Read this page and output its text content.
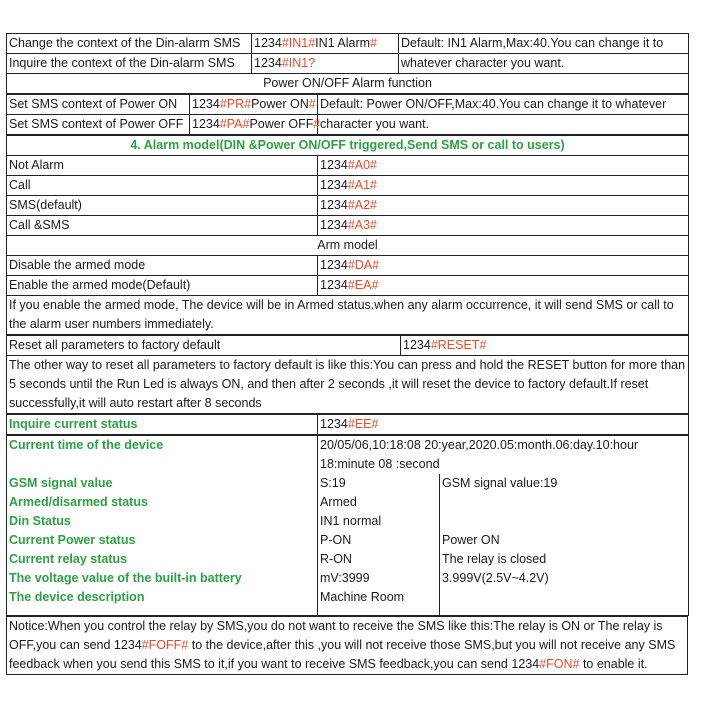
Change the context of the Din-alarm SMS	1234#IN1#IN1 Alarm#	Default: IN1 Alarm,Max:40.You can change it to
Inquire the context of the Din-alarm SMS	1234#IN1?	whatever character you want.
Power ON/OFF Alarm function		
Set SMS context of Power ON	1234#PR#Power ON#	Default: Power ON/OFF,Max:40.You can change it to whatever
Set SMS context of Power OFF	1234#PA#Power OFF#	character you want.
4. Alarm model(DIN &Power ON/OFF triggered,Send SMS or call to users)	
Not Alarm	1234#A0#
Call	1234#A1#
SMS(default)	1234#A2#
Call &SMS	1234#A3#
Arm model	
Disable the armed mode	1234#DA#
Enable the armed mode(Default)	1234#EA#
If you enable the armed mode, The device will be in Armed status.when any alarm occurrence, it will send SMS or call to the alarm user numbers immediately.	
Reset all parameters to factory default	1234#RESET#
The other way to reset all parameters to factory default is like this:You can press and hold the RESET button for more than 5 seconds until the Run Led is always ON, and then after 2 seconds ,it will reset the device to factory default.If reset successfully,it will auto restart after 8 seconds
Inquire current status	1234#EE#
Current time of the device	20/05/06,10:18:08 20:year,2020.05:month.06:day.10:hour	
	18:minute 08 :second	
GSM signal value	S:19	GSM signal value:19
Armed/disarmed status	Armed	
Din Status	IN1 normal	
Current Power status	P-ON	Power ON
Current relay status	R-ON	The relay is closed
The voltage value of the built-in battery	mV:3999	3.999V(2.5V~4.2V)
The device description	Machine Room	

Notice:When you control the relay by SMS,you do not want to receive the SMS like this:The relay is ON or The relay is OFF,you can send 1234#FOFF# to the device,after this ,you will not receive those SMS,but you will not receive any SMS feedback when you send this SMS to it,if you want to receive SMS feedback,you can send 1234#FON# to enable it.
